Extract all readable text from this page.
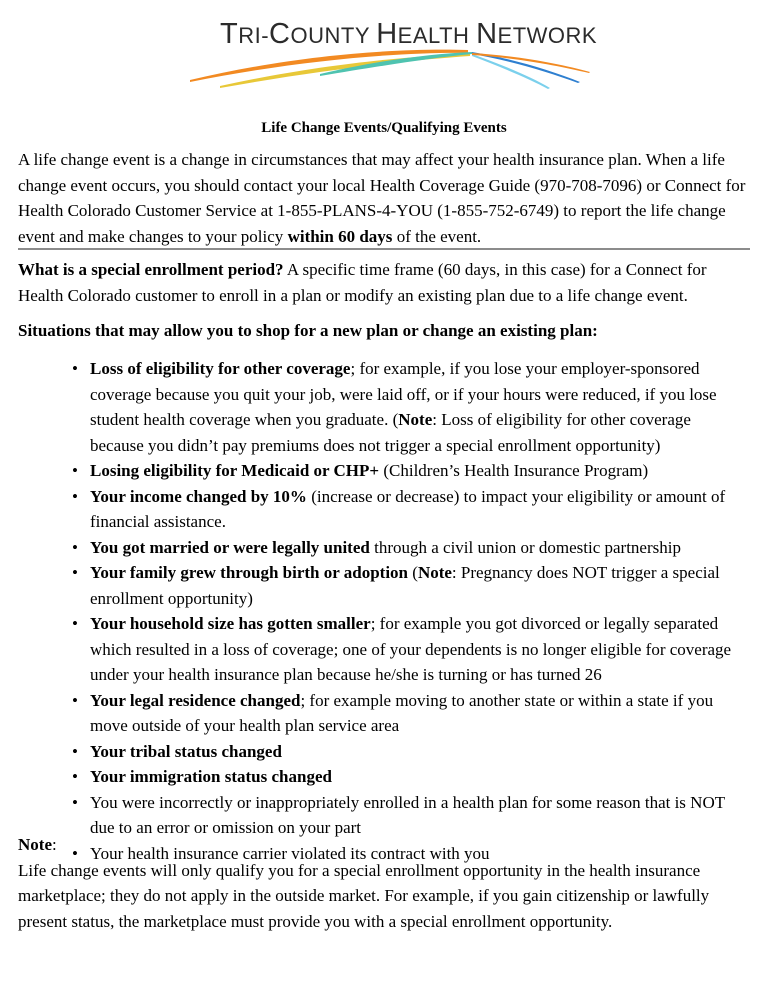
TRI-COUNTY HEALTH NETWORK
Life Change Events/Qualifying Events
A life change event is a change in circumstances that may affect your health insurance plan. When a life change event occurs, you should contact your local Health Coverage Guide (970-708-7096) or Connect for Health Colorado Customer Service at 1-855-PLANS-4-YOU (1-855-752-6749) to report the life change event and make changes to your policy within 60 days of the event.
What is a special enrollment period? A specific time frame (60 days, in this case) for a Connect for Health Colorado customer to enroll in a plan or modify an existing plan due to a life change event.
Situations that may allow you to shop for a new plan or change an existing plan:
• Loss of eligibility for other coverage; for example, if you lose your employer-sponsored coverage because you quit your job, were laid off, or if your hours were reduced, if you lose student health coverage when you graduate. (Note: Loss of eligibility for other coverage because you didn’t pay premiums does not trigger a special enrollment opportunity)
• Losing eligibility for Medicaid or CHP+ (Children’s Health Insurance Program)
• Your income changed by 10% (increase or decrease) to impact your eligibility or amount of financial assistance.
• You got married or were legally united through a civil union or domestic partnership
• Your family grew through birth or adoption (Note: Pregnancy does NOT trigger a special enrollment opportunity)
• Your household size has gotten smaller; for example you got divorced or legally separated which resulted in a loss of coverage; one of your dependents is no longer eligible for coverage under your health insurance plan because he/she is turning or has turned 26
• Your legal residence changed; for example moving to another state or within a state if you move outside of your health plan service area
• Your tribal status changed
• Your immigration status changed
• You were incorrectly or inappropriately enrolled in a health plan for some reason that is NOT due to an error or omission on your part
• Your health insurance carrier violated its contract with you
Note:
Life change events will only qualify you for a special enrollment opportunity in the health insurance marketplace; they do not apply in the outside market. For example, if you gain citizenship or lawfully present status, the marketplace must provide you with a special enrollment opportunity.
